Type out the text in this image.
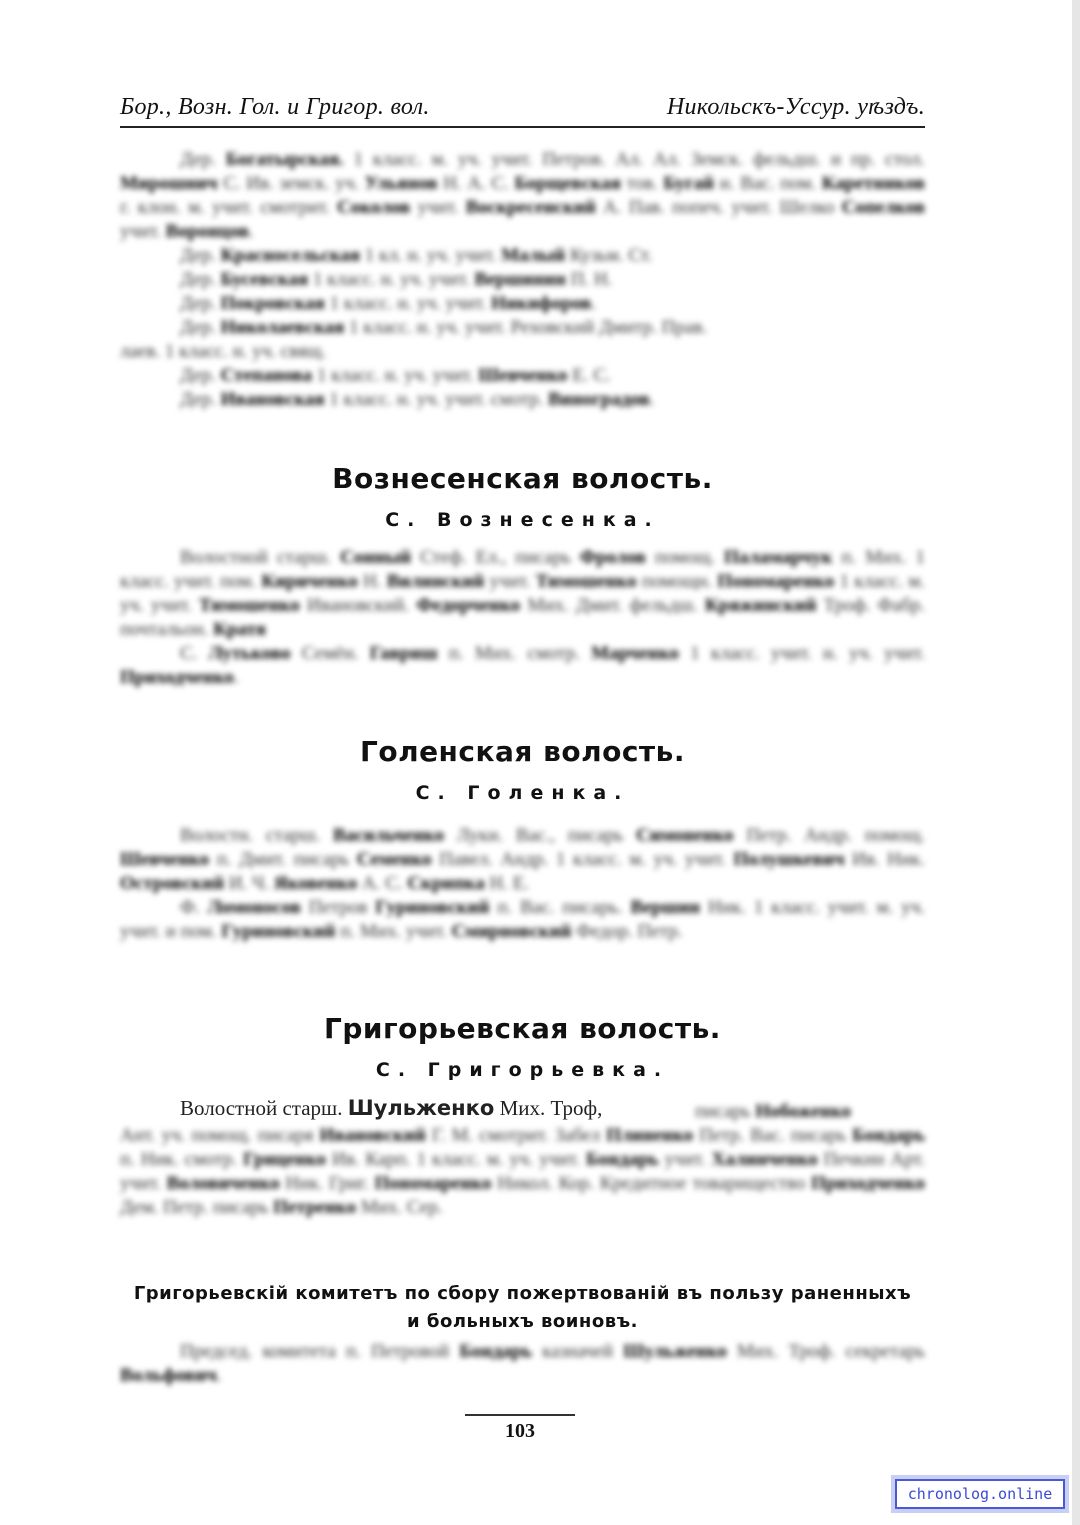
Бор., Возн. Гол. и Григор. вол.	Никольскъ-Уссур. уѣздъ.

Дер. Богатырская. 1 класс. м. уч. учит. Петров. Ал. Ал. Земск. фельдш. и пр. стол. Мирошнич С. Ив. земск. уч. Ульянов Н. А. С. Борщевская тов. Бугай и. Вас. пом. Каретников г. клон. м. учит. смотрит. Соколов учит. Воскресенский А. Пав. попеч. учит. Шелко Сопелков учит. Воронцов.

Дер. Красносельская 1 кл. н. уч. учит. Малый Кузьм. Ст.

Дер. Бусевская 1 класс. н. уч. учит. Вершинин П. Н.

Дер. Покровская 1 класс. н. уч. учит. Никифоров.

Дер. Николаевская 1 класс. н. уч. учит. Реховский Дмитр. Прав.

лаев. 1 класс. н. уч. свящ.

Дер. Степанова 1 класс. н. уч. учит. Шевченко Е. С.

Дер. Ивановская 1 класс. н. уч. учит. смотр. Виноградов.

Вознесенская волость.
С. Вознесенка.

Волостной старш. Сонный Стеф. Ел., писарь Фролов помощ. Паламарчук п. Мих. 1 класс. учит. пом. Кириченко Н. Вилинский учит. Тимошенко помощн. Пономаренко 1 класс. м. уч. учит. Тимошенко Ивановский. Федорченко Мих. Дмит. фельдш. Кряжинский Троф. Фабр. почтальон. Кратя

С. Лутьково Семён. Гавриш п. Мих. смотр. Марченко 1 класс. учит. н. уч. учит. Приходченко.

Голенская волость.
С. Голенка.

Волостн. старш. Васильченко Луки. Вас., писарь Симоненко Петр. Андр. помощ. Шевченко п. Дмит. писарь Семенко Павел. Андр. 1 класс. м. уч. учит. Полушкевич Ив. Ник. Островский И. Ч. Яковенко А. С. Скрипка Н. Е.

Ф. Ломоносов Петров Гуриновский п. Вас. писарь. Вершин Ник. 1 класс. учит. м. уч. учит. и пом. Гуриновский п. Мих. учит. Смирновский Федор. Петр.

Григорьевская волость.
С. Григорьевка.
Волостной старш. Шульженко Мих. Троф,	писарь Нобоженко

Ант. уч. помощ. писаря Ивановский Г. М. смотрит. Забел Плиненко Петр. Вас. писарь Бондарь п. Ник. смотр. Гриценко Ив. Карп. 1 класс. м. уч. учит. Бондарь учит. Халинченко Печкин Арт. учит. Воловиченко Ник. Григ. Пономаренко Никол. Кор. Кредитное товарищество Приходченко Дем. Петр. писарь Петренко Мих. Сер.

Григорьевскій комитетъ по сбору пожертвованій въ пользу раненныхъ
и больныхъ воиновъ.

Председ. комитета п. Петровой Бондарь казначей Шульженко Мих. Троф. секретарь Вольфович.

103
chronolog.online
